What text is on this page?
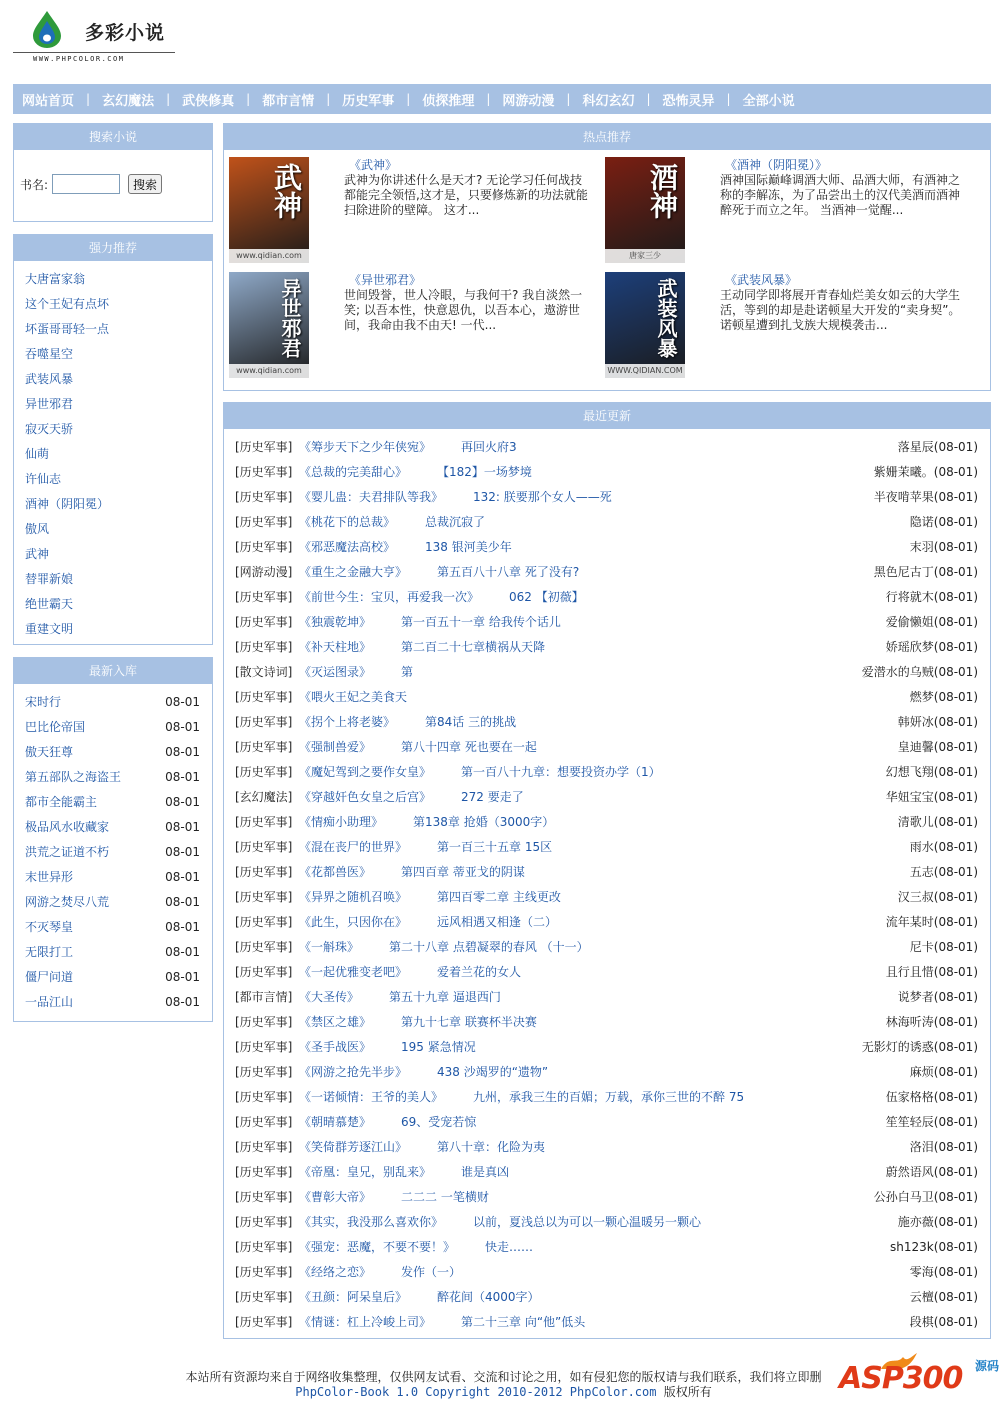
多彩小说
WWW.PHPCOLOR.COM
网站首页 | 玄幻魔法 | 武侠修真 | 都市言情 | 历史军事 | 侦探推理 | 网游动漫 | 科幻玄幻 | 恐怖灵异 | 全部小说
搜索小说
书名:	搜索
强力推荐
大唐富家翁
这个王妃有点坏
坏蛋哥哥轻一点
吞噬星空
武装风暴
异世邪君
寂灭天骄
仙萌
许仙志
酒神（阴阳冕）
傲风
武神
替罪新娘
绝世霸天
重建文明
最新入库
宋时行	08-01
巴比伦帝国	08-01
傲天狂尊	08-01
第五部队之海盗王	08-01
都市全能霸主	08-01
极品风水收藏家	08-01
洪荒之证道不朽	08-01
末世异形	08-01
网游之焚尽八荒	08-01
不灭琴皇	08-01
无限打工	08-01
僵尸问道	08-01
一品江山	08-01
热点推荐
武神
www.qidian.com
《武神》
武神为你讲述什么是天才? 无论学习任何战技都能完全领悟,这才是，只要修炼新的功法就能扫除进阶的壁障。 这才...	酒神
唐家三少
《酒神（阴阳冕）》
酒神国际巅峰调酒大师、品酒大师，有酒神之称的李解冻，为了品尝出土的汉代美酒而酒神醉死于而立之年。 当酒神一觉醒...
异世邪君
www.qidian.com
《异世邪君》
世间毁誉，世人冷眼，与我何干? 我自淡然一笑; 以吾本性，快意恩仇，以吾本心，遨游世间，我命由我不由天! 一代...	武装风暴
WWW.QIDIAN.COM
《武装风暴》
王动同学即将展开青春灿烂美女如云的大学生活，等到的却是赴诺顿星大开发的“卖身契”。 诺顿星遭到扎戈族大规模袭击...
最近更新
[历史军事] 《筹步天下之少年侠宛》 再回火府3	落星辰(08-01)
[历史军事] 《总裁的完美甜心》 【182】一场梦境	紫姗茉曦。(08-01)
[历史军事] 《婴儿蛊：夫君排队等我》 132: 朕要那个女人——死	半夜啃苹果(08-01)
[历史军事] 《桃花下的总裁》 总裁沉寂了	隐诺(08-01)
[历史军事] 《邪恶魔法高校》 138 银河美少年	末羽(08-01)
[网游动漫] 《重生之金融大亨》 第五百八十八章 死了没有?	黑色尼古丁(08-01)
[历史军事] 《前世今生：宝贝，再爱我一次》 062 【初薇】	行将就木(08-01)
[历史军事] 《独震乾坤》 第一百五十一章 给我传个话儿	爱偷懒姐(08-01)
[历史军事] 《补天柱地》 第二百二十七章横祸从天降	娇瑶欣梦(08-01)
[散文诗词] 《灭运图录》 第	爱潜水的乌贼(08-01)
[历史军事] 《喂火王妃之美食天	燃梦(08-01)
[历史军事] 《拐个上将老婆》 第84话 三的挑战	韩妍冰(08-01)
[历史军事] 《强制兽爱》 第八十四章 死也要在一起	皇迪馨(08-01)
[历史军事] 《魔妃驾到之要作女皇》 第一百八十九章：想要投资办学（1）	幻想飞翔(08-01)
[玄幻魔法] 《穿越奸色女皇之后宫》 272 要走了	华妞宝宝(08-01)
[历史军事] 《情痴小助理》 第138章 抢婚（3000字）	清歌儿(08-01)
[历史军事] 《混在丧尸的世界》 第一百三十五章 15区	雨水(08-01)
[历史军事] 《花都兽医》 第四百章 蒂亚戈的阴谋	五志(08-01)
[历史军事] 《异界之随机召唤》 第四百零二章 主线更改	汉三叔(08-01)
[历史军事] 《此生，只因你在》 远风相遇又相逢（二）	流年某时(08-01)
[历史军事] 《一斛珠》 第二十八章 点碧凝翠的春风 （十一）	尼卡(08-01)
[历史军事] 《一起优雅变老吧》 爱着兰花的女人	且行且惜(08-01)
[都市言情] 《大圣传》 第五十九章 逼退西门	说梦者(08-01)
[历史军事] 《禁区之雄》 第九十七章 联赛杯半决赛	林海听涛(08-01)
[历史军事] 《圣手战医》 195 紧急情况	无影灯的诱惑(08-01)
[历史军事] 《网游之抢先半步》 438 沙竭罗的“遗物”	麻烦(08-01)
[历史军事] 《一诺倾情：王爷的美人》 九州，承我三生的百媚；万载，承你三世的不醉 75	伍家格格(08-01)
[历史军事] 《朝晴慕楚》 69、受宠若惊	笙笙轻辰(08-01)
[历史军事] 《笑倚群芳逐江山》 第八十章：化险为夷	洛泪(08-01)
[历史军事] 《帝凰：皇兄，别乱来》 谁是真凶	蔚然语风(08-01)
[历史军事] 《曹彰大帝》 二二二 一笔横财	公孙白马卫(08-01)
[历史军事] 《其实，我没那么喜欢你》 以前，夏浅总以为可以一颗心温暖另一颗心	施亦薇(08-01)
[历史军事] 《强宠：恶魔，不要不要！》 快走……	sh123k(08-01)
[历史军事] 《经络之恋》 发作（一）	零海(08-01)
[历史军事] 《丑颜：阿呆皇后》 醉花间（4000字）	云檀(08-01)
[历史军事] 《情谜：杠上冷峻上司》 第二十三章 向“他”低头	段棋(08-01)
本站所有资源均来自于网络收集整理，仅供网友试看、交流和讨论之用，如有侵犯您的版权请与我们联系，我们将立即删
PhpColor-Book 1.0 Copyright 2010-2012 PhpColor.com 版权所有	ASP300 源码
